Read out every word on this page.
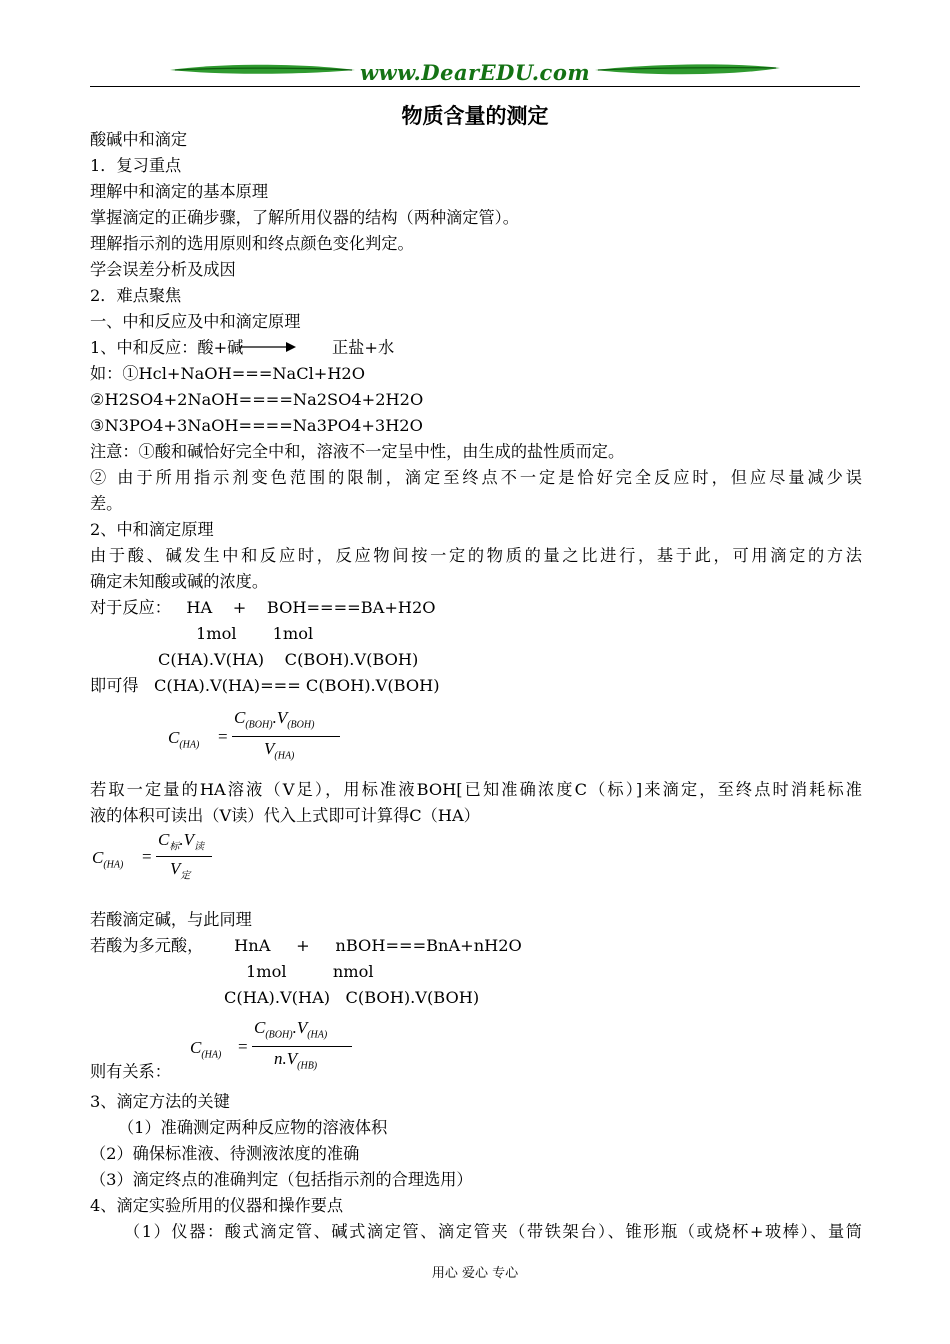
www.DearEDU.com
物质含量的测定
酸碱中和滴定
1．复习重点
理解中和滴定的基本原理
掌握滴定的正确步骤，了解所用仪器的结构（两种滴定管）。
理解指示剂的选用原则和终点颜色变化判定。
学会误差分析及成因
2．难点聚焦
一、中和反应及中和滴定原理
1、中和反应：酸+碱	正盐+水
如：①Hcl+NaOH===NaCl+H2O
②H2SO4+2NaOH====Na2SO4+2H2O
③N3PO4+3NaOH====Na3PO4+3H2O
注意：①酸和碱恰好完全中和，溶液不一定呈中性，由生成的盐性质而定。
② 由于所用指示剂变色范围的限制，滴定至终点不一定是恰好完全反应时，但应尽量减少误
差。
2、中和滴定原理
由于酸、碱发生中和反应时，反应物间按一定的物质的量之比进行，基于此，可用滴定的方法
确定未知酸或碱的浓度。
对于反应：   HA    +    BOH====BA+H2O
1mol       1mol
C(HA).V(HA)    C(BOH).V(BOH)
即可得   C(HA).V(HA)=== C(BOH).V(BOH)
$C_{(HA)}$ =
$C_{(BOH)}.V_{(BOH)}$
$V_{(HA)}$
若取一定量的HA溶液（V足），用标准液BOH[已知准确浓度C（标）]来滴定，至终点时消耗标准
液的体积可读出（V读）代入上式即可计算得C（HA）
$C_{(HA)}$ =
$C_标.V_读$
$V_定$
若酸滴定碱，与此同理
若酸为多元酸，      HnA     +     nBOH===BnA+nH2O
1mol         nmol
C(HA).V(HA)   C(BOH).V(BOH)
$C_{(HA)}$ =
$C_{(BOH)}.V_{(HA)}$
$n.V_{(HB)}$
则有关系：
3、滴定方法的关键
（1）准确测定两种反应物的溶液体积
（2）确保标准液、待测液浓度的准确
（3）滴定终点的准确判定（包括指示剂的合理选用）
4、滴定实验所用的仪器和操作要点
（1）仪器：酸式滴定管、碱式滴定管、滴定管夹（带铁架台）、锥形瓶（或烧杯+玻棒）、量筒
用心 爱心 专心
